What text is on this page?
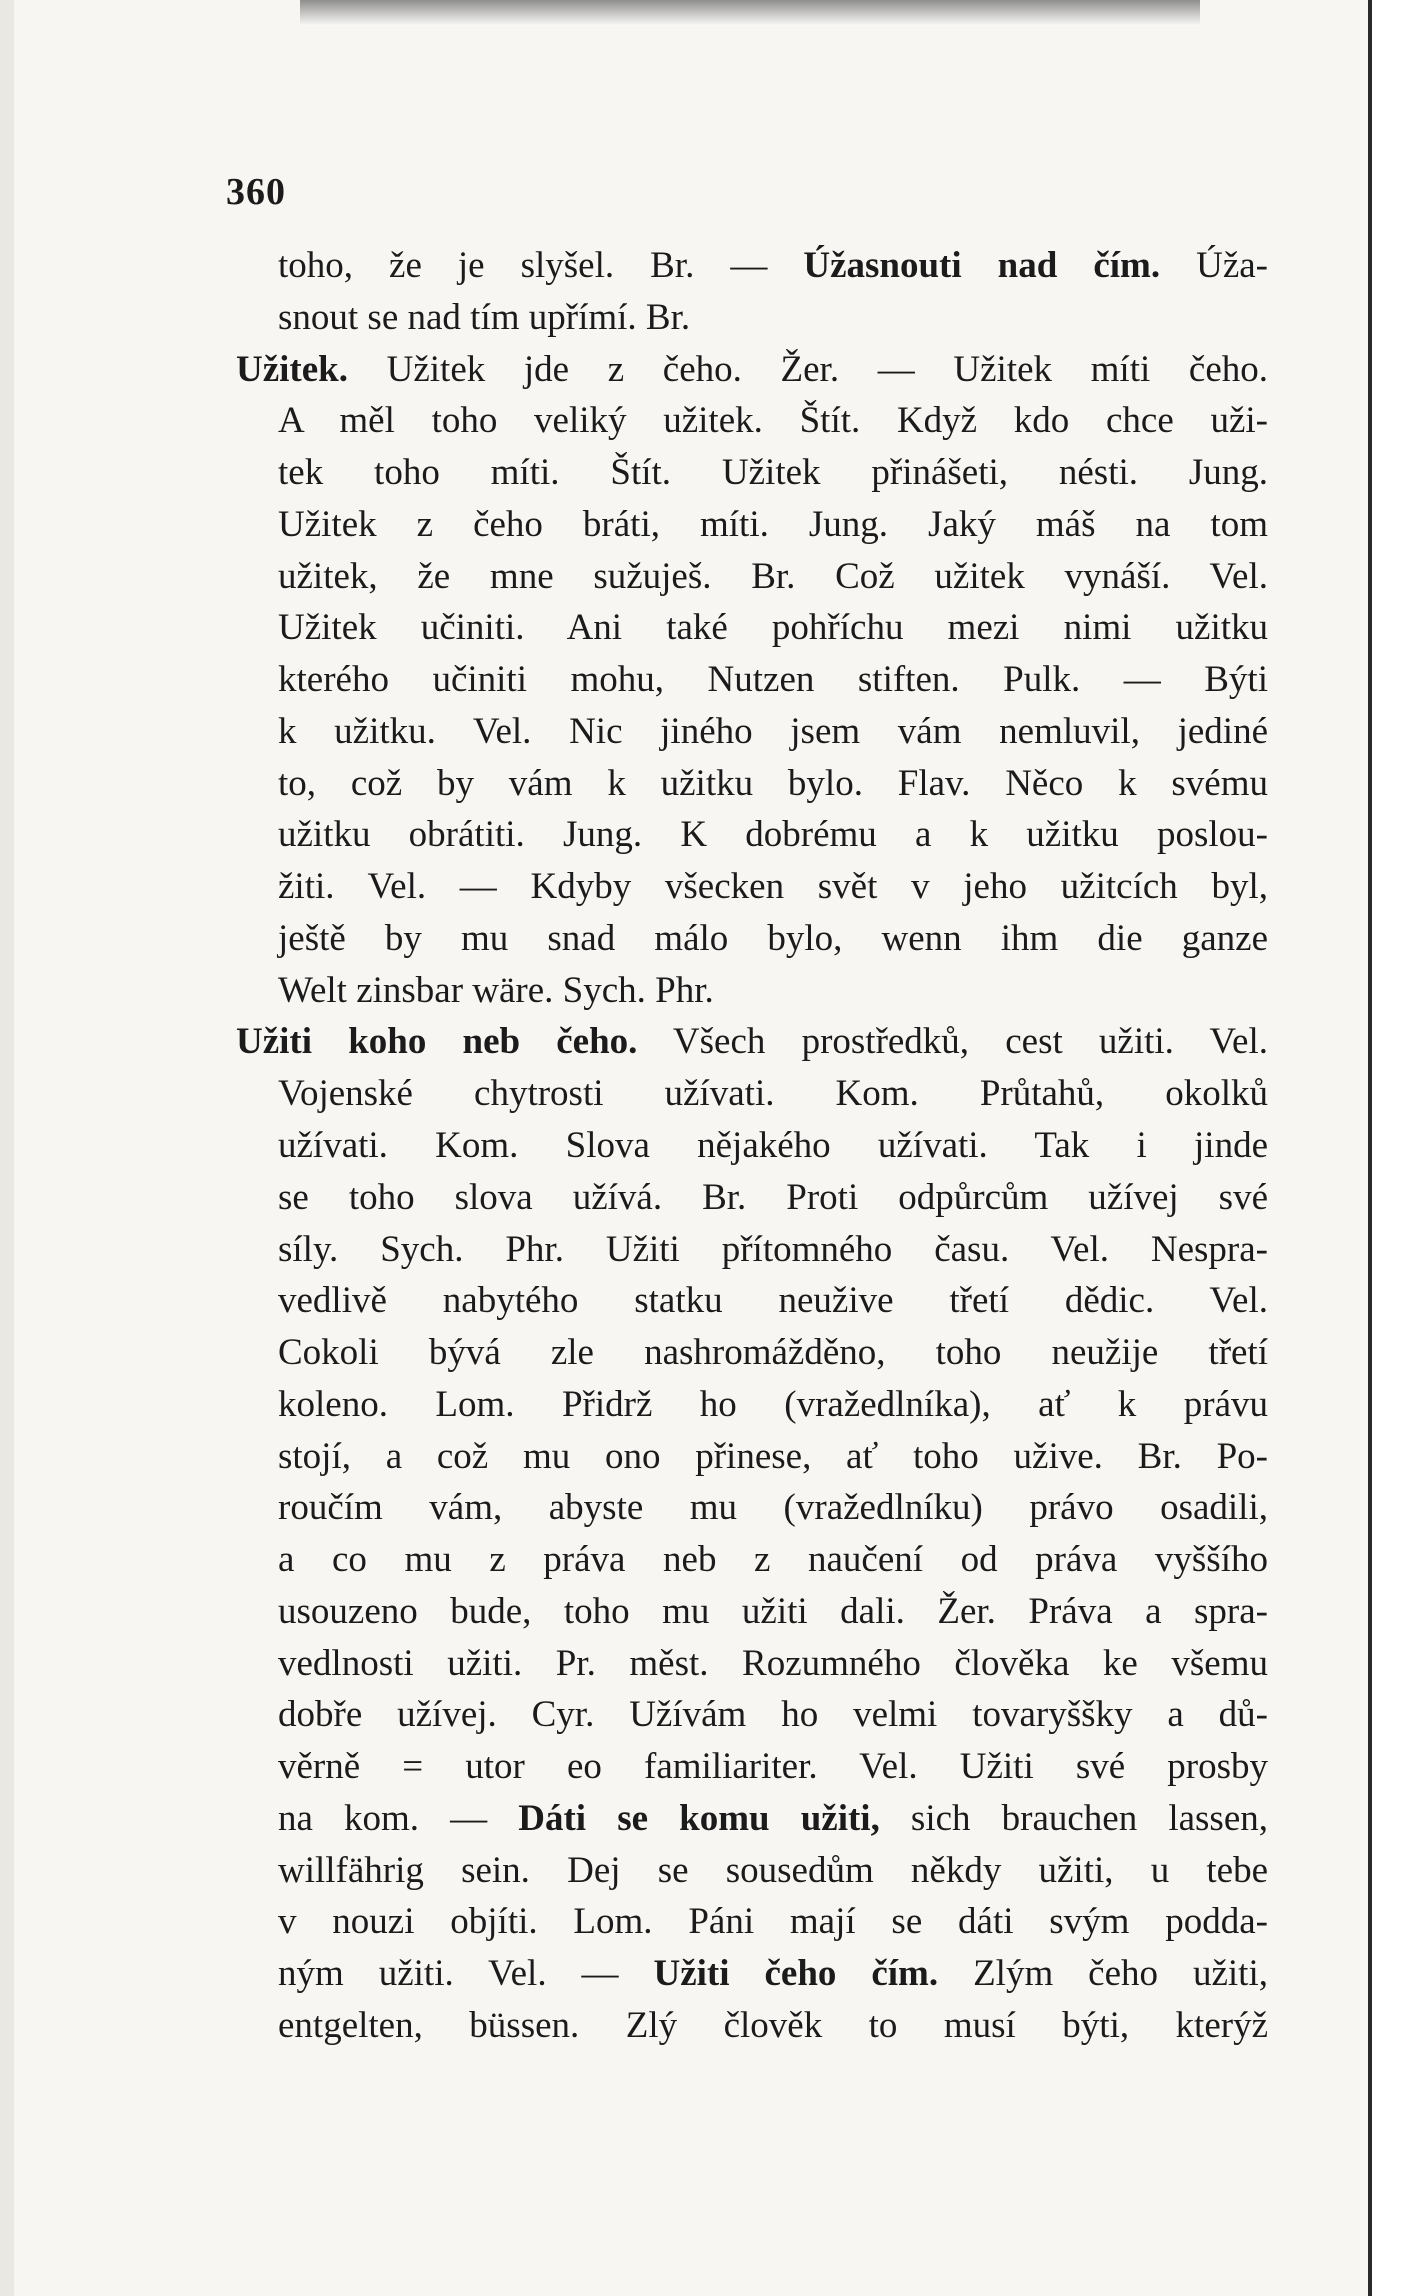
360
toho, že je slyšel. Br. — Úžasnouti nad čím. Úža-
snout se nad tím upřímí. Br.
Užitek. Užitek jde z čeho. Žer. — Užitek míti čeho.
A měl toho veliký užitek. Štít. Když kdo chce uži-
tek toho míti. Štít. Užitek přinášeti, nésti. Jung.
Užitek z čeho bráti, míti. Jung. Jaký máš na tom
užitek, že mne sužuješ. Br. Což užitek vynáší. Vel.
Užitek učiniti. Ani také pohříchu mezi nimi užitku
kterého učiniti mohu, Nutzen stiften. Pulk. — Býti
k užitku. Vel. Nic jiného jsem vám nemluvil, jediné
to, což by vám k užitku bylo. Flav. Něco k svému
užitku obrátiti. Jung. K dobrému a k užitku poslou-
žiti. Vel. — Kdyby všecken svět v jeho užitcích byl,
ještě by mu snad málo bylo, wenn ihm die ganze
Welt zinsbar wäre. Sych. Phr.
Užiti koho neb čeho. Všech prostředků, cest užiti. Vel.
Vojenské chytrosti užívati. Kom. Průtahů, okolků
užívati. Kom. Slova nějakého užívati. Tak i jinde
se toho slova užívá. Br. Proti odpůrcům užívej své
síly. Sych. Phr. Užiti přítomného času. Vel. Nespra-
vedlivě nabytého statku neužive třetí dědic. Vel.
Cokoli bývá zle nashromážděno, toho neužije třetí
koleno. Lom. Přidrž ho (vražedlníka), ať k právu
stojí, a což mu ono přinese, ať toho užive. Br. Po-
roučím vám, abyste mu (vražedlníku) právo osadili,
a co mu z práva neb z naučení od práva vyššího
usouzeno bude, toho mu užiti dali. Žer. Práva a spra-
vedlnosti užiti. Pr. měst. Rozumného člověka ke všemu
dobře užívej. Cyr. Užívám ho velmi tovaryššky a dů-
věrně = utor eo familiariter. Vel. Užiti své prosby
na kom. — Dáti se komu užiti, sich brauchen lassen,
willfährig sein. Dej se sousedům někdy užiti, u tebe
v nouzi objíti. Lom. Páni mají se dáti svým podda-
ným užiti. Vel. — Užiti čeho čím. Zlým čeho užiti,
entgelten, büssen. Zlý člověk to musí býti, kterýž
